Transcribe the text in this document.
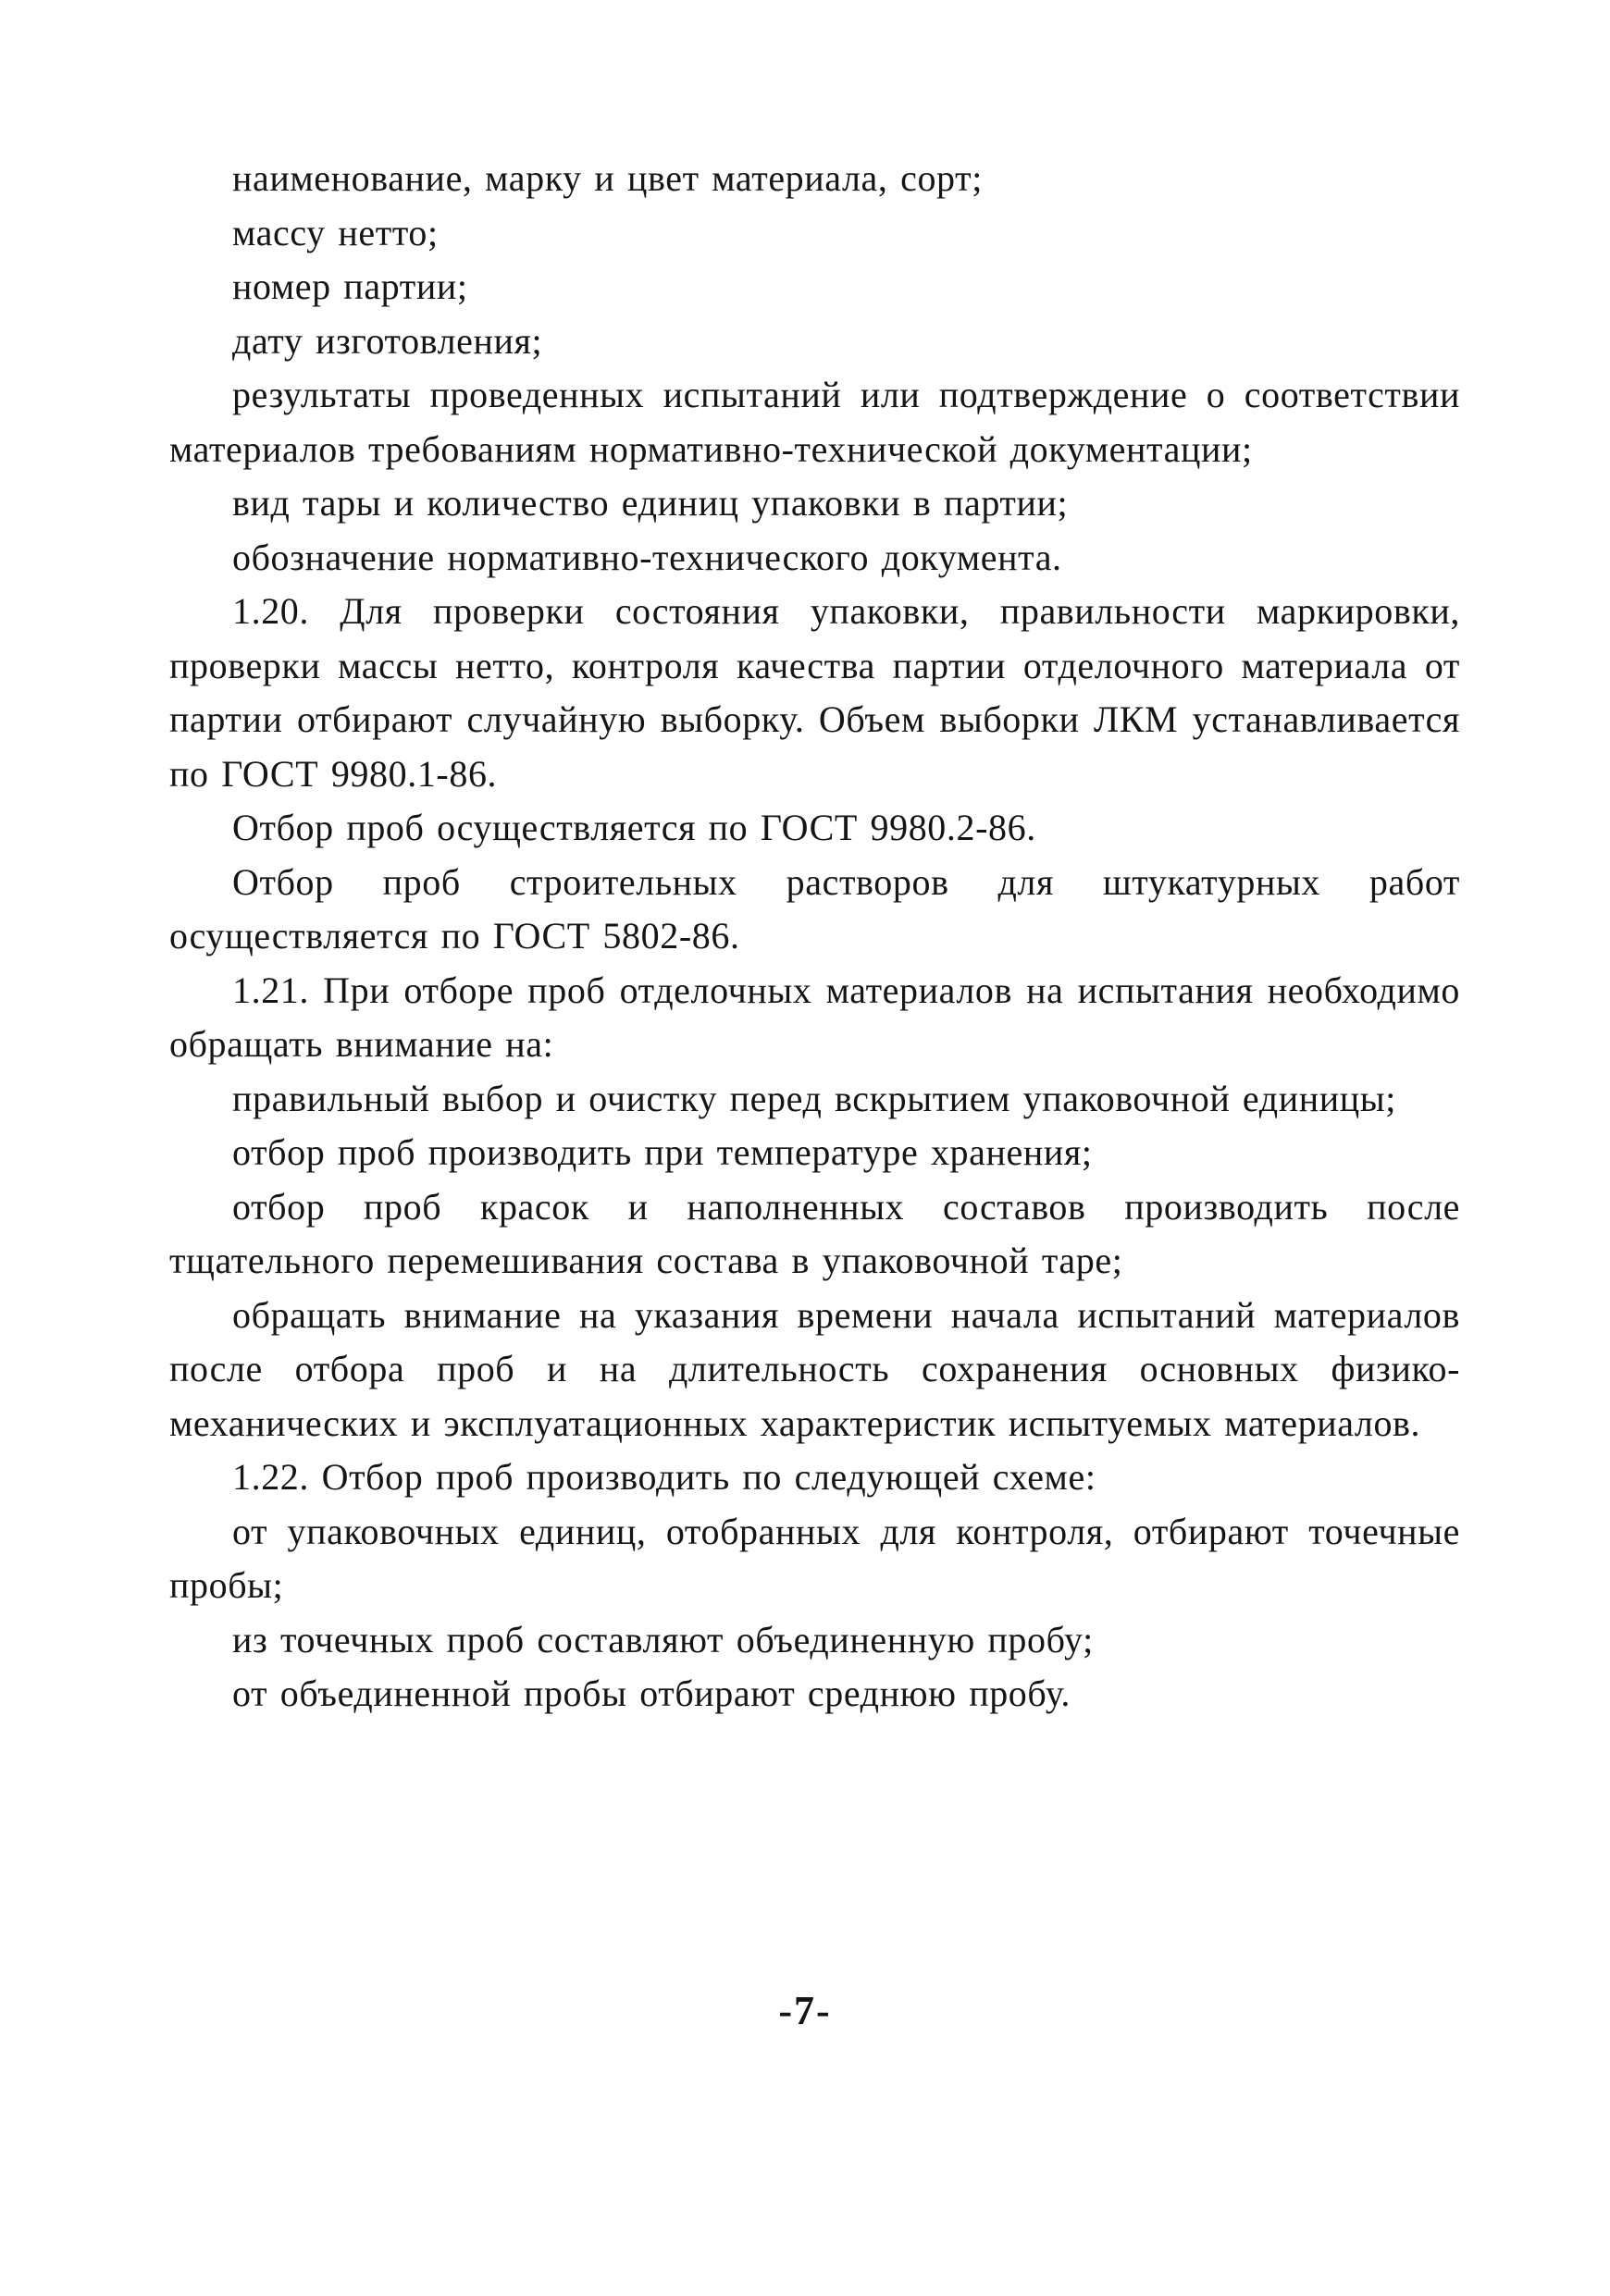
наименование, марку и цвет материала, сорт;

массу нетто;

номер партии;

дату изготовления;

результаты проведенных испытаний или подтверждение о соответствии материалов требованиям нормативно-технической документации;

вид тары и количество единиц упаковки в партии;

обозначение нормативно-технического документа.

1.20. Для проверки состояния упаковки, правильности маркировки, проверки массы нетто, контроля качества партии отделочного материала от партии отбирают случайную выборку. Объем выборки ЛКМ устанавливается по ГОСТ 9980.1-86.

Отбор проб осуществляется по ГОСТ 9980.2-86.

Отбор проб строительных растворов для штукатурных работ осуществляется по ГОСТ 5802-86.

1.21. При отборе проб отделочных материалов на испытания необходимо обращать внимание на:

правильный выбор и очистку перед вскрытием упаковочной единицы;

отбор проб производить при температуре хранения;

отбор проб красок и наполненных составов производить после тщательного перемешивания состава в упаковочной таре;

обращать внимание на указания времени начала испытаний материалов после отбора проб и на длительность сохранения основных физико-механических и эксплуатационных характеристик испытуемых материалов.

1.22. Отбор проб производить по следующей схеме:

от упаковочных единиц, отобранных для контроля, отбирают точечные пробы;

из точечных проб составляют объединенную пробу;

от объединенной пробы отбирают среднюю пробу.

-7-
